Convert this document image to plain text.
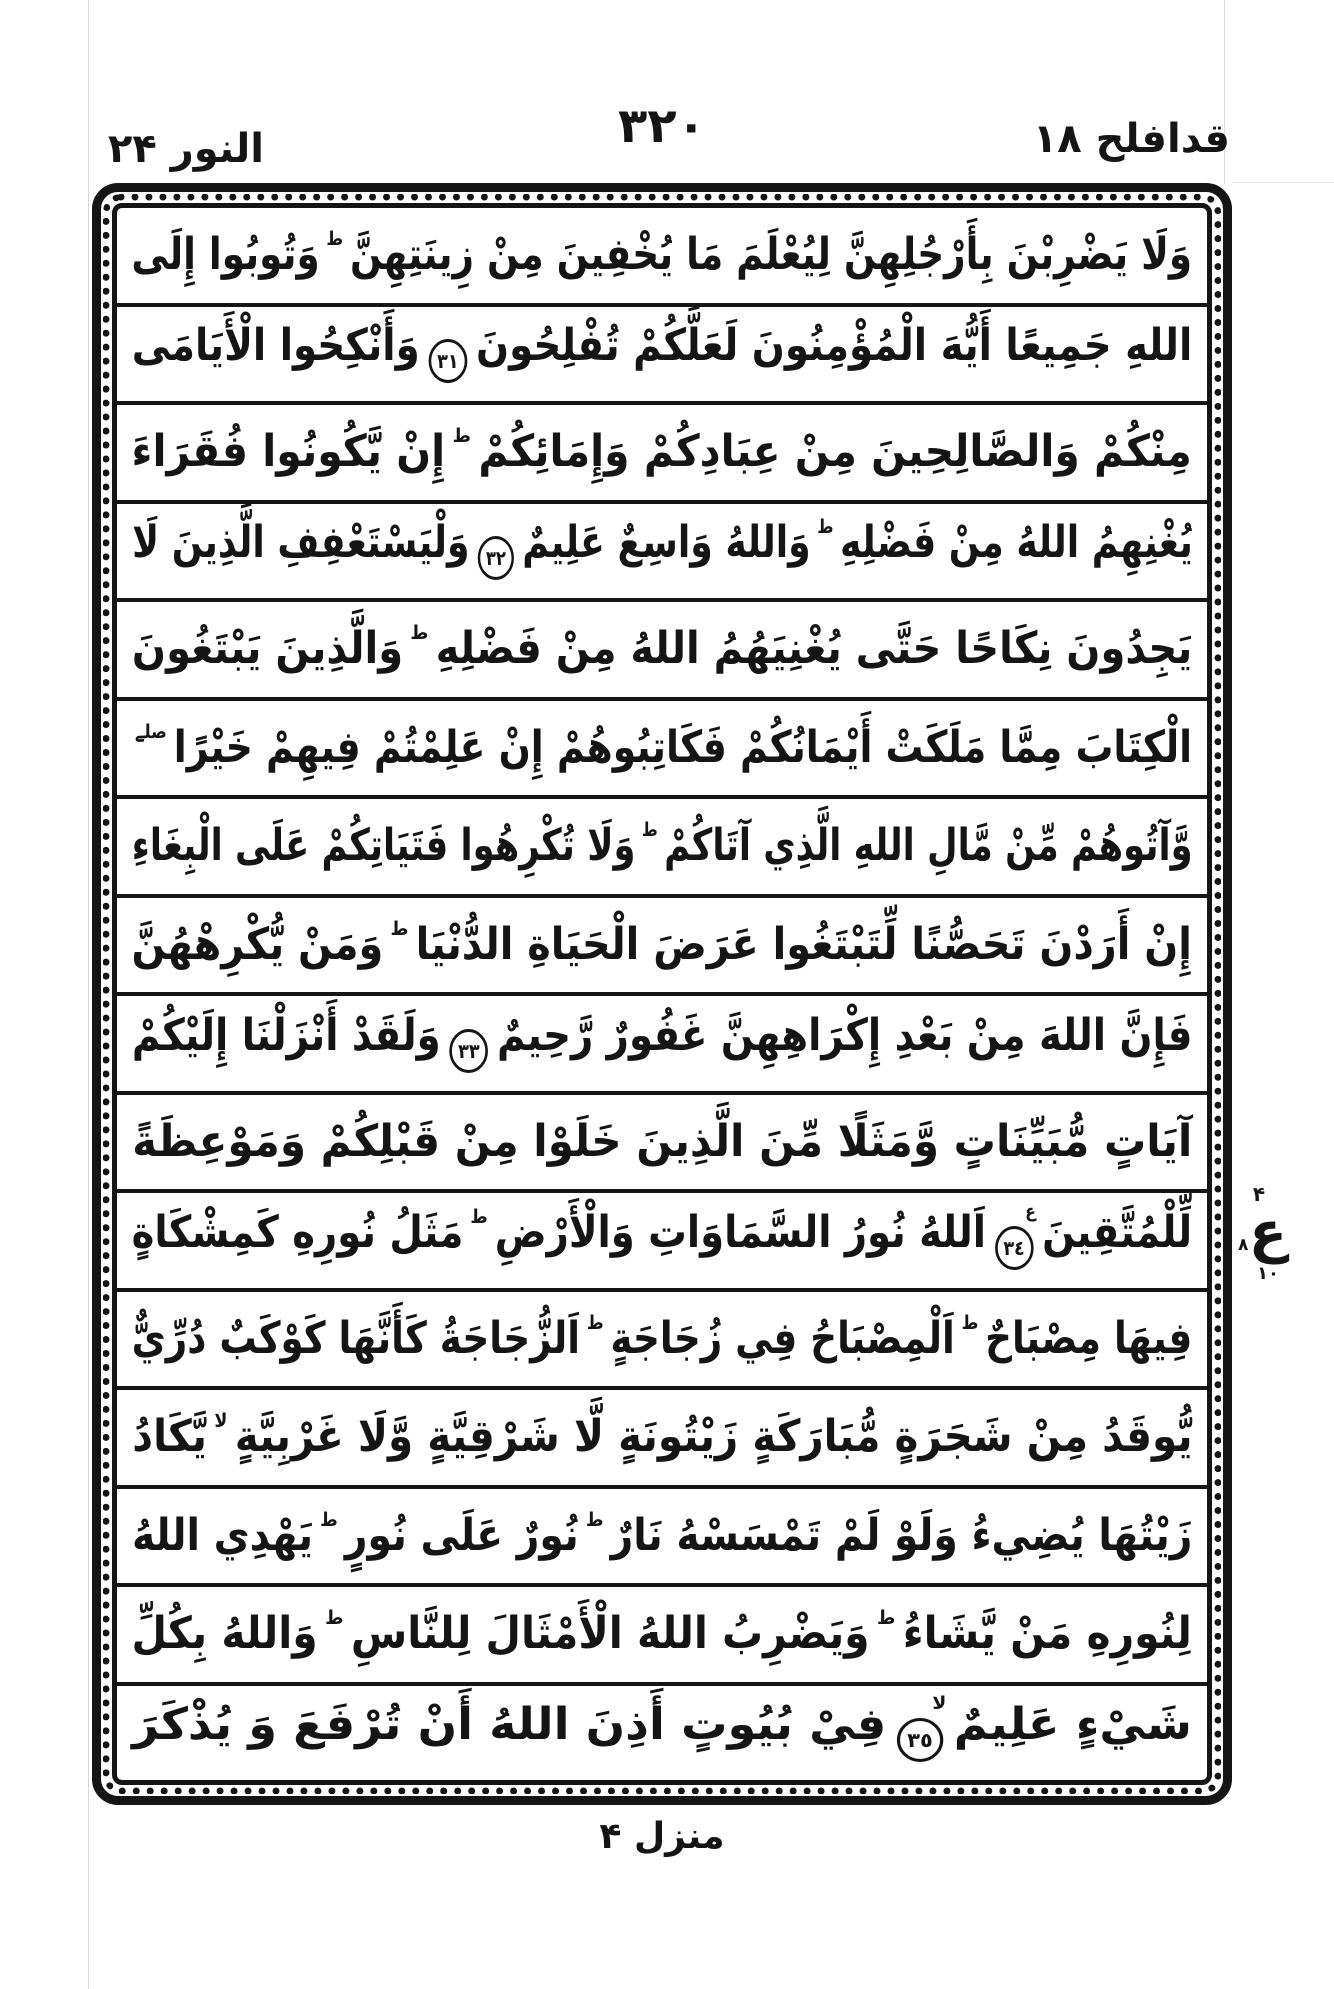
النور ٢۴	٣٢٠	قدافلح ١٨
وَلَا يَضْرِبْنَ بِأَرْجُلِهِنَّ لِيُعْلَمَ مَا يُخْفِينَ مِنْ زِينَتِهِنَّطوَتُوبُوا إِلَى
اللهِ جَمِيعًا أَيُّهَ الْمُؤْمِنُونَ لَعَلَّكُمْ تُفْلِحُونَ
٣١
وَأَنْكِحُوا الْأَيَامَى
مِنْكُمْ وَالصَّالِحِينَ مِنْ عِبَادِكُمْ وَإِمَائِكُمْطإِنْ يَّكُونُوا فُقَرَاءَ
يُغْنِهِمُ اللهُ مِنْ فَضْلِهِطوَاللهُ وَاسِعٌ عَلِيمٌ
٣٢
وَلْيَسْتَعْفِفِ الَّذِينَ لَا
يَجِدُونَ نِكَاحًا حَتَّى يُغْنِيَهُمُ اللهُ مِنْ فَضْلِهِطوَالَّذِينَ يَبْتَغُونَ
الْكِتَابَ مِمَّا مَلَكَتْ أَيْمَانُكُمْ فَكَاتِبُوهُمْ إِنْ عَلِمْتُمْ فِيهِمْ خَيْرًاصلے
وَّآتُوهُمْ مِّنْ مَّالِ اللهِ الَّذِي آتَاكُمْطوَلَا تُكْرِهُوا فَتَيَاتِكُمْ عَلَى الْبِغَاءِ
إِنْ أَرَدْنَ تَحَصُّنًا لِّتَبْتَغُوا عَرَضَ الْحَيَاةِ الدُّنْيَاطوَمَنْ يُّكْرِهْهُنَّ
فَإِنَّ اللهَ مِنْ بَعْدِ إِكْرَاهِهِنَّ غَفُورٌ رَّحِيمٌ
٣٣
وَلَقَدْ أَنْزَلْنَا إِلَيْكُمْ
آيَاتٍ مُّبَيِّنَاتٍ وَّمَثَلًا مِّنَ الَّذِينَ خَلَوْا مِنْ قَبْلِكُمْ وَمَوْعِظَةً
لِّلْمُتَّقِينَ
٣٤
ع
اَللهُ نُورُ السَّمَاوَاتِ وَالْأَرْضِطمَثَلُ نُورِهِ كَمِشْكَاةٍ
فِيهَا مِصْبَاحٌطاَلْمِصْبَاحُ فِي زُجَاجَةٍطاَلزُّجَاجَةُ كَأَنَّهَا كَوْكَبٌ دُرِّيٌّ
يُّوقَدُ مِنْ شَجَرَةٍ مُّبَارَكَةٍ زَيْتُونَةٍ لَّا شَرْقِيَّةٍ وَّلَا غَرْبِيَّةٍلايَّكَادُ
زَيْتُهَا يُضِيءُ وَلَوْ لَمْ تَمْسَسْهُ نَارٌطنُورٌ عَلَى نُورٍطيَهْدِي اللهُ
لِنُورِهِ مَنْ يَّشَاءُطوَيَضْرِبُ اللهُ الْأَمْثَالَ لِلنَّاسِطوَاللهُ بِكُلِّ
شَيْءٍ عَلِيمٌ
٣٥
لا
فِيْ بُيُوتٍ أَذِنَ اللهُ أَنْ تُرْفَعَ وَ يُذْكَرَ
۴
ع
٨
١٠
منزل ۴
